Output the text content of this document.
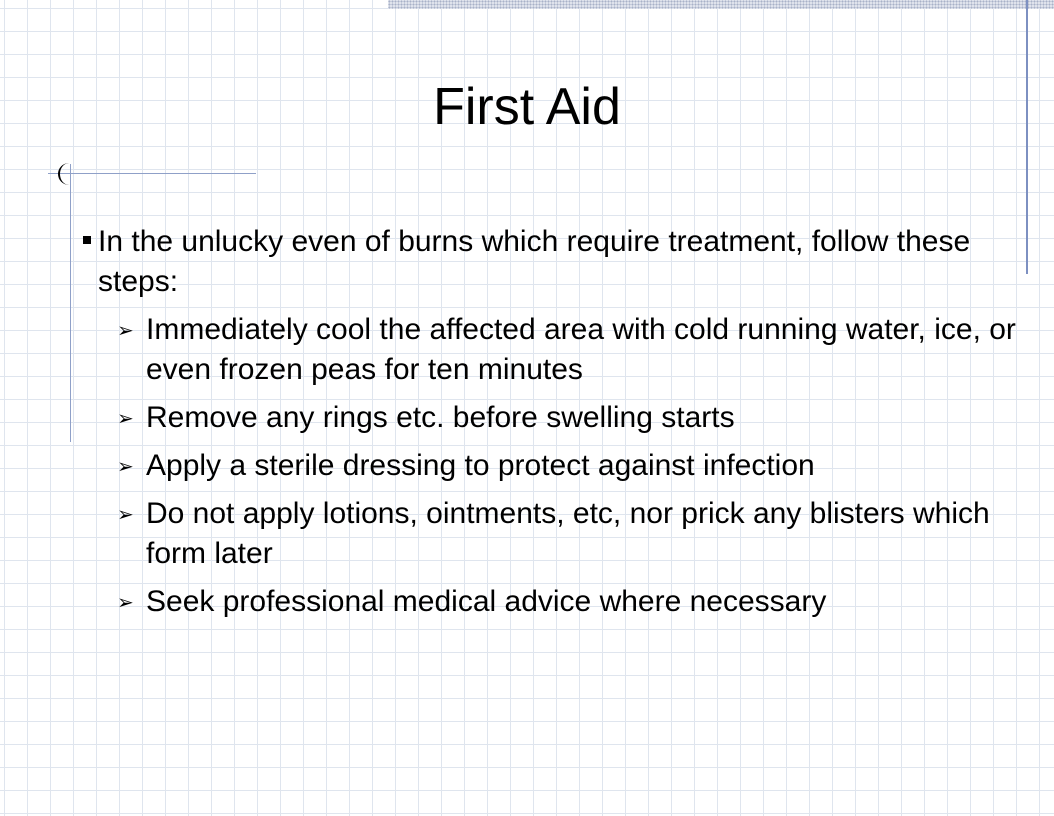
First Aid
In the unlucky even of burns which require treatment, follow these steps:
➢ Immediately cool the affected area with cold running water, ice, or even frozen peas for ten minutes
➢ Remove any rings etc. before swelling starts
➢ Apply a sterile dressing to protect against infection
➢ Do not apply lotions, ointments, etc, nor prick any blisters which form later
➢ Seek professional medical advice where necessary
